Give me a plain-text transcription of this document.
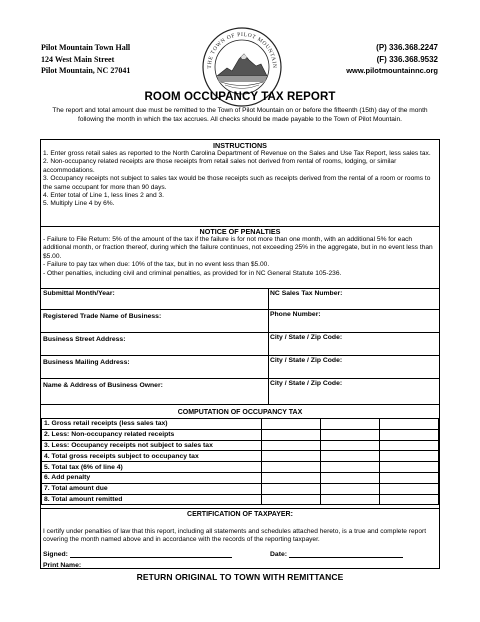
Pilot Mountain Town Hall
124 West Main Street
Pilot Mountain, NC 27041	THE TOWN OF PILOT MOUNTAIN
(P) 336.368.2247
(F) 336.368.9532
www.pilotmountainnc.org
ROOM OCCUPANCY TAX REPORT
The report and total amount due must be remitted to the Town of Pilot Mountain on or before the fifteenth (15th) day of the month following the month in which the tax accrues. All checks should be made payable to the Town of Pilot Mountain.
INSTRUCTIONS
1. Enter gross retail sales as reported to the North Carolina Department of Revenue on the Sales and Use Tax Report, less sales tax.
2. Non-occupancy related receipts are those receipts from retail sales not derived from rental of rooms, lodging, or similar accommodations.
3. Occupancy receipts not subject to sales tax would be those receipts such as receipts derived from the rental of a room or rooms to the same occupant for more than 90 days.
4. Enter total of Line 1, less lines 2 and 3.
5. Multiply Line 4 by 6%.
NOTICE OF PENALTIES
- Failure to File Return: 5% of the amount of the tax if the failure is for not more than one month, with an additional 5% for each additional month, or fraction thereof, during which the failure continues, not exceeding 25% in the aggregate, but in no event less than $5.00.
- Failure to pay tax when due: 10% of the tax, but in no event less than $5.00.
- Other penalties, including civil and criminal penalties, as provided for in NC General Statute 105-236.
Submittal Month/Year:	NC Sales Tax Number:
Registered Trade Name of Business:	Phone Number:
Business Street Address:	City / State / Zip Code:
Business Mailing Address:	City / State / Zip Code:
Name & Address of Business Owner:	City / State / Zip Code:
COMPUTATION OF OCCUPANCY TAX
1. Gross retail receipts (less sales tax)			
2. Less: Non-occupancy related receipts			
3. Less: Occupancy receipts not subject to sales tax			
4. Total gross receipts subject to occupancy tax			
5. Total tax (6% of line 4)			
6. Add penalty			
7. Total amount due			
8. Total amount remitted			
CERTIFICATION OF TAXPAYER:
I certify under penalties of law that this report, including all statements and schedules attached hereto, is a true and complete report covering the month named above and in accordance with the records of the reporting taxpayer.
Signed:	Date:
Print Name:
RETURN ORIGINAL TO TOWN WITH REMITTANCE
